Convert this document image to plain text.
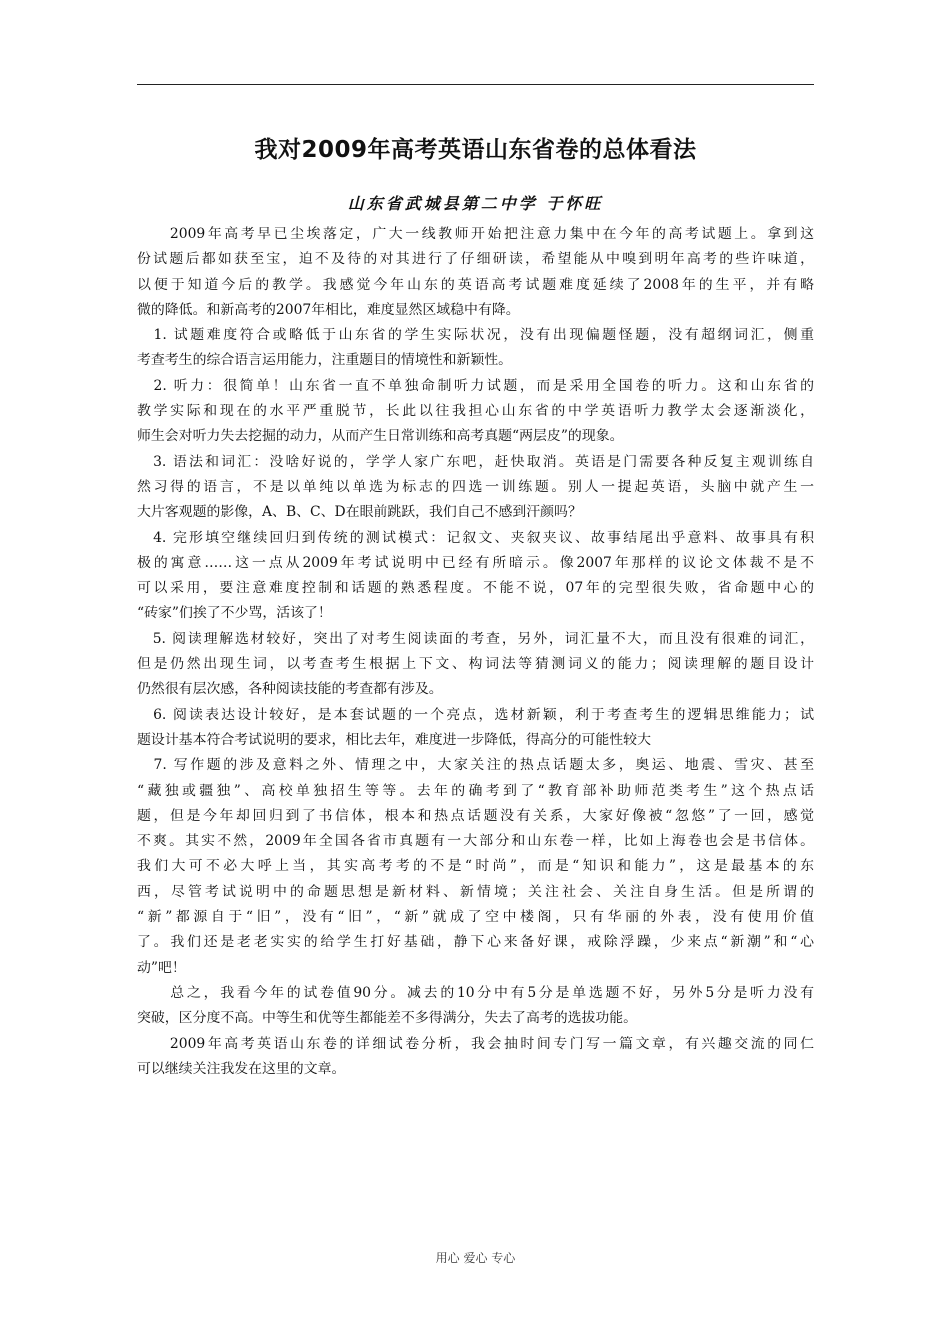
我对2009年高考英语山东省卷的总体看法
山东省武城县第二中学 于怀旺
　　2009年高考早已尘埃落定，广大一线教师开始把注意力集中在今年的高考试题上。拿到这
份试题后都如获至宝，迫不及待的对其进行了仔细研读，希望能从中嗅到明年高考的些许味道，
以便于知道今后的教学。我感觉今年山东的英语高考试题难度延续了2008年的生平，并有略
微的降低。和新高考的2007年相比，难度显然区域稳中有降。
　1. 试题难度符合或略低于山东省的学生实际状况，没有出现偏题怪题，没有超纲词汇，侧重
考查考生的综合语言运用能力，注重题目的情境性和新颖性。
　2. 听力：很简单！山东省一直不单独命制听力试题，而是采用全国卷的听力。这和山东省的
教学实际和现在的水平严重脱节，长此以往我担心山东省的中学英语听力教学太会逐渐淡化，
师生会对听力失去挖掘的动力，从而产生日常训练和高考真题“两层皮”的现象。
　3. 语法和词汇：没啥好说的，学学人家广东吧，赶快取消。英语是门需要各种反复主观训练自
然习得的语言，不是以单纯以单选为标志的四选一训练题。别人一提起英语，头脑中就产生一
大片客观题的影像，A、B、C、D在眼前跳跃，我们自己不感到汗颜吗？
　4. 完形填空继续回归到传统的测试模式：记叙文、夹叙夹议、故事结尾出乎意料、故事具有积
极的寓意……这一点从2009年考试说明中已经有所暗示。像2007年那样的议论文体裁不是不
可以采用，要注意难度控制和话题的熟悉程度。不能不说，07年的完型很失败，省命题中心的
“砖家”们挨了不少骂，活该了！
　5. 阅读理解选材较好，突出了对考生阅读面的考查，另外，词汇量不大，而且没有很难的词汇，
但是仍然出现生词，以考查考生根据上下文、构词法等猜测词义的能力；阅读理解的题目设计
仍然很有层次感，各种阅读技能的考查都有涉及。
　6. 阅读表达设计较好，是本套试题的一个亮点，选材新颖，利于考查考生的逻辑思维能力；试
题设计基本符合考试说明的要求，相比去年，难度进一步降低，得高分的可能性较大
　7. 写作题的涉及意料之外、情理之中，大家关注的热点话题太多，奥运、地震、雪灾、甚至
“藏独或疆独”、高校单独招生等等。去年的确考到了“教育部补助师范类考生”这个热点话
题，但是今年却回归到了书信体，根本和热点话题没有关系，大家好像被“忽悠”了一回，感觉
不爽。其实不然，2009年全国各省市真题有一大部分和山东卷一样，比如上海卷也会是书信体。
我们大可不必大呼上当，其实高考考的不是“时尚”，而是“知识和能力”，这是最基本的东
西，尽管考试说明中的命题思想是新材料、新情境；关注社会、关注自身生活。但是所谓的
“新”都源自于“旧”，没有“旧”，“新”就成了空中楼阁，只有华丽的外表，没有使用价值
了。我们还是老老实实的给学生打好基础，静下心来备好课，戒除浮躁，少来点“新潮”和“心
动”吧！
　　总之，我看今年的试卷值90分。减去的10分中有5分是单选题不好，另外5分是听力没有
突破，区分度不高。中等生和优等生都能差不多得满分，失去了高考的选拔功能。
　　2009年高考英语山东卷的详细试卷分析，我会抽时间专门写一篇文章，有兴趣交流的同仁
可以继续关注我发在这里的文章。
用心 爱心 专心
